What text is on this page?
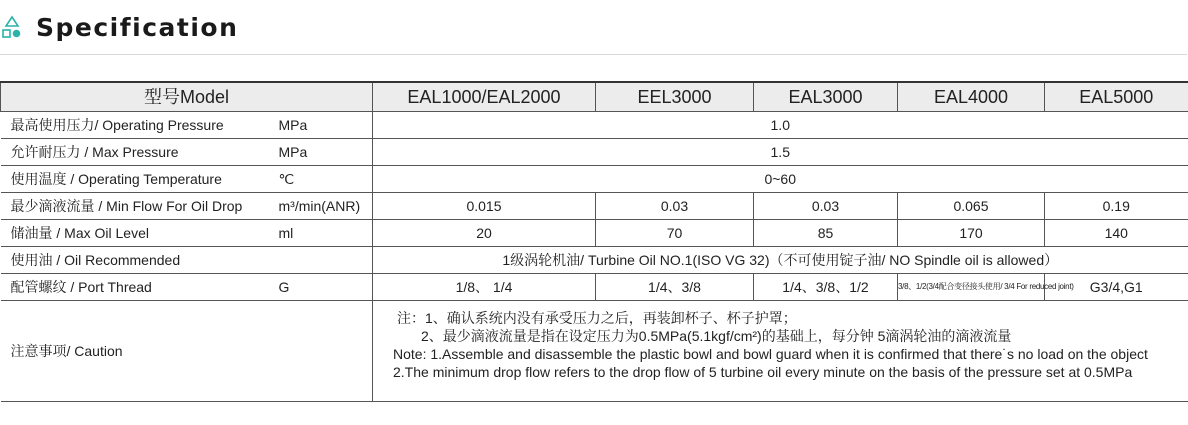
Specification
型号Model		EAL1000/EAL2000	EEL3000	EAL3000	EAL4000	EAL5000
最高使用压力/ Operating Pressure	MPa	1.0				
允许耐压力 / Max Pressure	MPa	1.5				
使用温度 / Operating Temperature	℃	0~60				
最少滴液流量 / Min Flow For Oil Drop	m³/min(ANR)	0.015	0.03	0.03	0.065	0.19
储油量 / Max Oil Level	ml	20	70	85	170	140
使用油 / Oil Recommended		1级涡轮机油/ Turbine Oil NO.1(ISO VG 32)（不可使用锭子油/ NO Spindle oil is allowed）				
配管螺纹 / Port Thread	G	1/8、 1/4	1/4、3/8	1/4、3/8、1/2	3/8、1/2(3/4配合变径接头使用/ 3/4 For reduced joint)	G3/4,G1
注意事项/ Caution		注：1、确认系统内没有承受压力之后，再装卸杯子、杯子护罩；
2、最少滴液流量是指在设定压力为0.5MPa(5.1kgf/cm²)的基础上，每分钟 5滴涡轮油的滴液流量
Note: 1.Assemble and disassemble the plastic bowl and bowl guard when it is confirmed that there˙s no load on the object
2.The minimum drop flow refers to the drop flow of 5 turbine oil every minute on the basis of the pressure set at 0.5MPa				
